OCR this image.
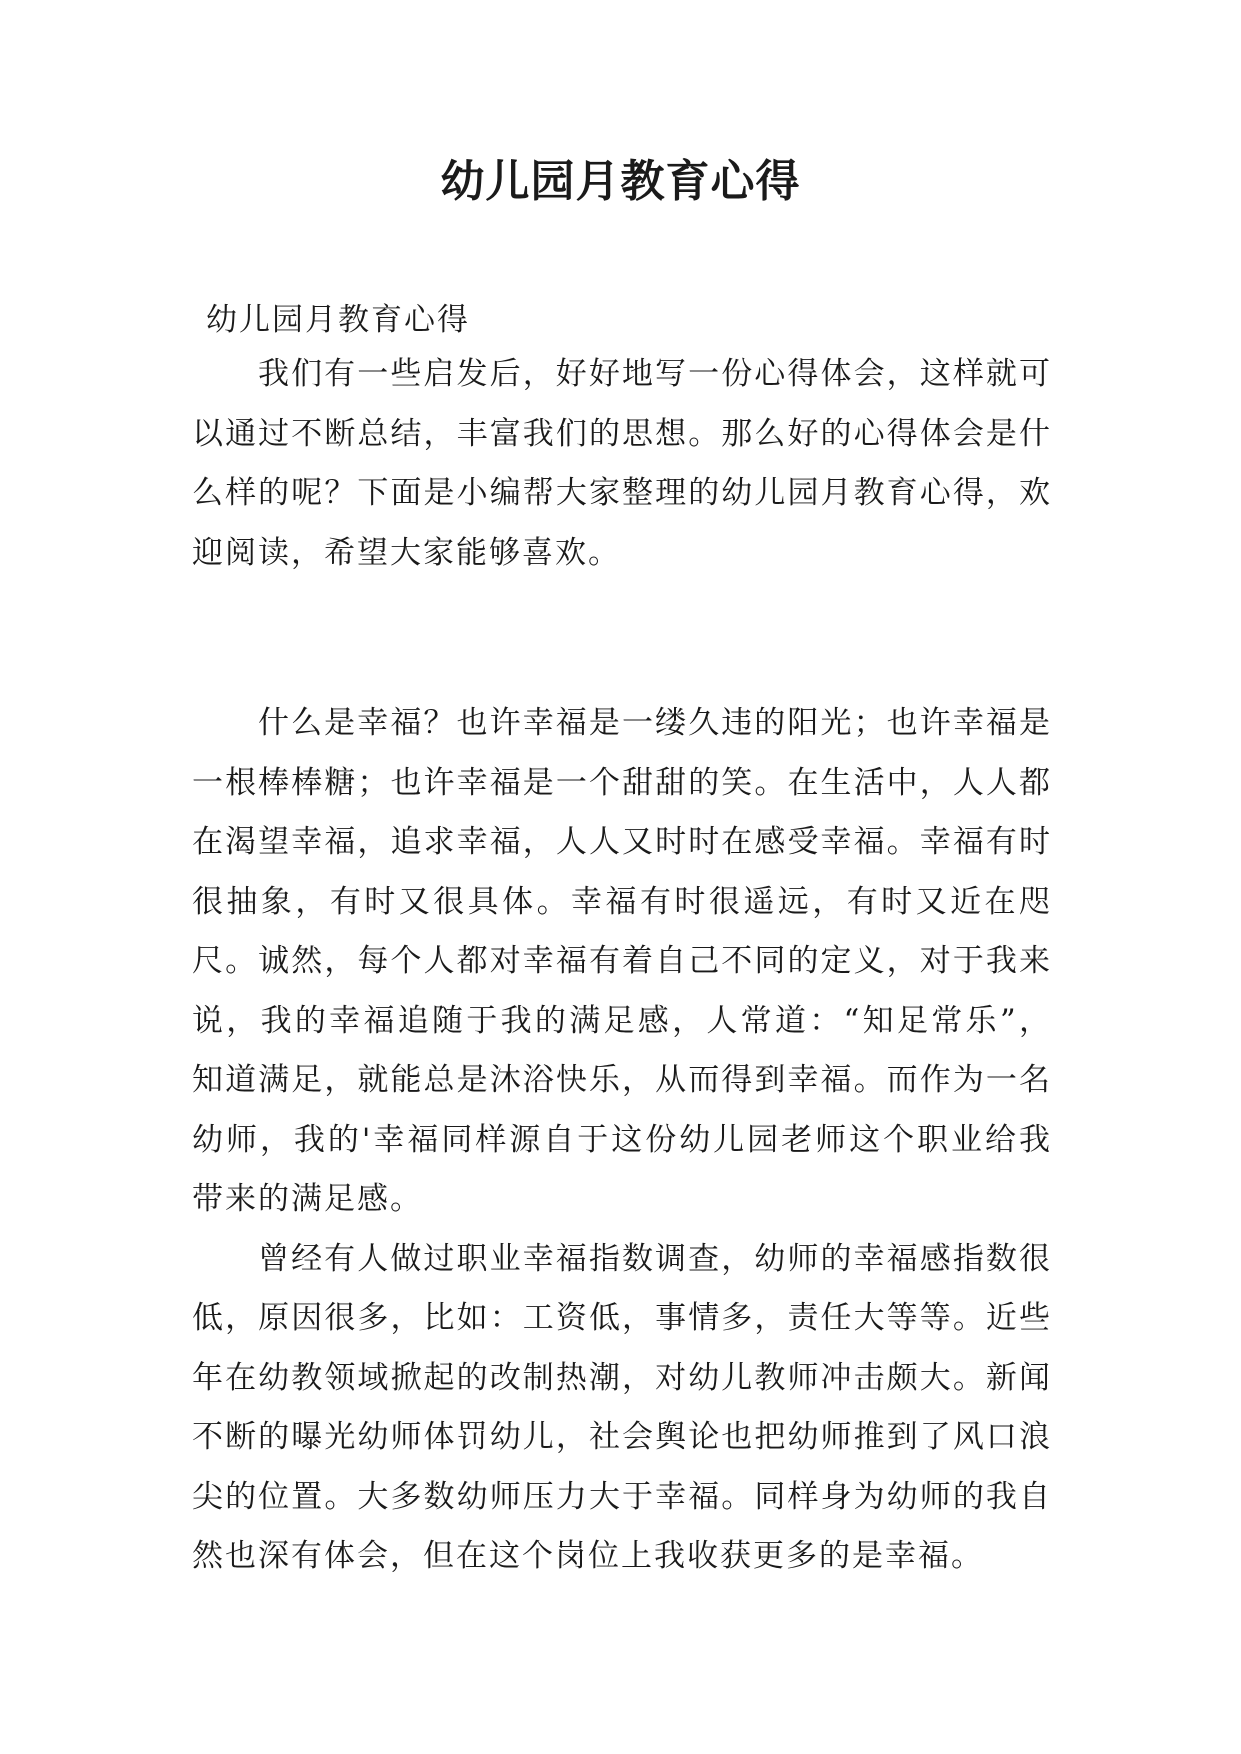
幼儿园月教育心得

幼儿园月教育心得

我们有一些启发后，好好地写一份心得体会，这样就可以通过不断总结，丰富我们的思想。那么好的心得体会是什么样的呢？下面是小编帮大家整理的幼儿园月教育心得，欢迎阅读，希望大家能够喜欢。

什么是幸福？也许幸福是一缕久违的阳光；也许幸福是一根棒棒糖；也许幸福是一个甜甜的笑。在生活中，人人都在渴望幸福，追求幸福，人人又时时在感受幸福。幸福有时很抽象，有时又很具体。幸福有时很遥远，有时又近在咫尺。诚然，每个人都对幸福有着自己不同的定义，对于我来说，我的幸福追随于我的满足感，人常道：“知足常乐”，知道满足，就能总是沐浴快乐，从而得到幸福。而作为一名幼师，我的'幸福同样源自于这份幼儿园老师这个职业给我带来的满足感。

曾经有人做过职业幸福指数调查，幼师的幸福感指数很低，原因很多，比如：工资低，事情多，责任大等等。近些年在幼教领域掀起的改制热潮，对幼儿教师冲击颇大。新闻不断的曝光幼师体罚幼儿，社会舆论也把幼师推到了风口浪尖的位置。大多数幼师压力大于幸福。同样身为幼师的我自然也深有体会，但在这个岗位上我收获更多的是幸福。
